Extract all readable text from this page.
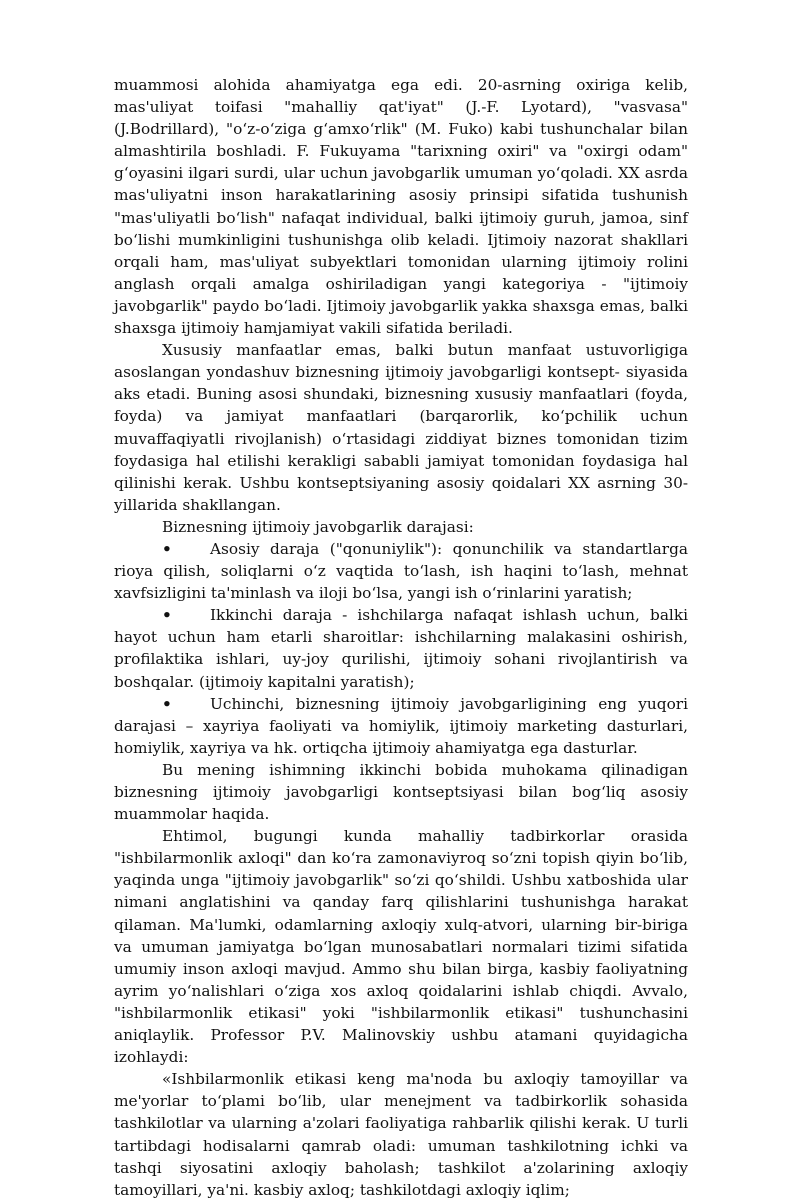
muammosi alohida ahamiyatga ega edi. 20-asrning oxiriga kelib, mas'uliyat toifasi "mahalliy qat'iyat" (J.-F. Lyotard), "vasvasa" (J.Bodrillard), "o‘z-o‘ziga g‘amxo‘rlik" (M. Fuko) kabi tushunchalar bilan almashtirila boshladi. F. Fukuyama "tarixning oxiri" va "oxirgi odam" g‘oyasini ilgari surdi, ular uchun javobgarlik umuman yo‘qoladi. XX asrda mas'uliyatni inson harakatlarining asosiy prinsipi sifatida tushunish "mas'uliyatli bo‘lish" nafaqat individual, balki ijtimoiy guruh, jamoa, sinf bo‘lishi mumkinligini tushunishga olib keladi. Ijtimoiy nazorat shakllari orqali ham, mas'uliyat subyektlari tomonidan ularning ijtimoiy rolini anglash orqali amalga oshiriladigan yangi kategoriya - "ijtimoiy javobgarlik" paydo bo‘ladi. Ijtimoiy javobgarlik yakka shaxsga emas, balki shaxsga ijtimoiy hamjamiyat vakili sifatida beriladi.

Xususiy manfaatlar emas, balki butun manfaat ustuvorligiga asoslangan yondashuv biznesning ijtimoiy javobgarligi kontsept- siyasida aks etadi. Buning asosi shundaki, biznesning xususiy manfaatlari (foyda, foyda) va jamiyat manfaatlari (barqarorlik, ko‘pchilik uchun muvaffaqiyatli rivojlanish) o‘rtasidagi ziddiyat biznes tomonidan tizim foydasiga hal etilishi kerakligi sababli jamiyat tomonidan foydasiga hal qilinishi kerak. Ushbu kontseptsiyaning asosiy qoidalari XX asrning 30-yillarida shakllangan.

Biznesning ijtimoiy javobgarlik darajasi:

• Asosiy daraja ("qonuniylik"): qonunchilik va standartlarga rioya qilish, soliqlarni o‘z vaqtida to‘lash, ish haqini to‘lash, mehnat xavfsizligini ta'minlash va iloji bo‘lsa, yangi ish o‘rinlarini yaratish;

• Ikkinchi daraja - ishchilarga nafaqat ishlash uchun, balki hayot uchun ham etarli sharoitlar: ishchilarning malakasini oshirish, profilaktika ishlari, uy-joy qurilishi, ijtimoiy sohani rivojlantirish va boshqalar. (ijtimoiy kapitalni yaratish);

• Uchinchi, biznesning ijtimoiy javobgarligining eng yuqori darajasi – xayriya faoliyati va homiylik, ijtimoiy marketing dasturlari, homiylik, xayriya va hk. ortiqcha ijtimoiy ahamiyatga ega dasturlar.

Bu mening ishimning ikkinchi bobida muhokama qilinadigan biznesning ijtimoiy javobgarligi kontseptsiyasi bilan bog‘liq asosiy muammolar haqida.

Ehtimol, bugungi kunda mahalliy tadbirkorlar orasida "ishbilarmonlik axloqi" dan ko‘ra zamonaviyroq so‘zni topish qiyin bo‘lib, yaqinda unga "ijtimoiy javobgarlik" so‘zi qo‘shildi. Ushbu xatboshida ular nimani anglatishini va qanday farq qilishlarini tushunishga harakat qilaman. Ma'lumki, odamlarning axloqiy xulq-atvori, ularning bir-biriga va umuman jamiyatga bo‘lgan munosabatlari normalari tizimi sifatida umumiy inson axloqi mavjud. Ammo shu bilan birga, kasbiy faoliyatning ayrim yo‘nalishlari o‘ziga xos axloq qoidalarini ishlab chiqdi. Avvalo, "ishbilarmonlik etikasi" yoki "ishbilarmonlik etikasi" tushunchasini aniqlaylik. Professor P.V. Malinovskiy ushbu atamani quyidagicha izohlaydi:

«Ishbilarmonlik etikasi keng ma'noda bu axloqiy tamoyillar va me'yorlar to‘plami bo‘lib, ular menejment va tadbirkorlik sohasida tashkilotlar va ularning a'zolari faoliyatiga rahbarlik qilishi kerak. U turli tartibdagi hodisalarni qamrab oladi: umuman tashkilotning ichki va tashqi siyosatini axloqiy baholash; tashkilot a'zolarining axloqiy tamoyillari, ya'ni. kasbiy axloq; tashkilotdagi axloqiy iqlim;
